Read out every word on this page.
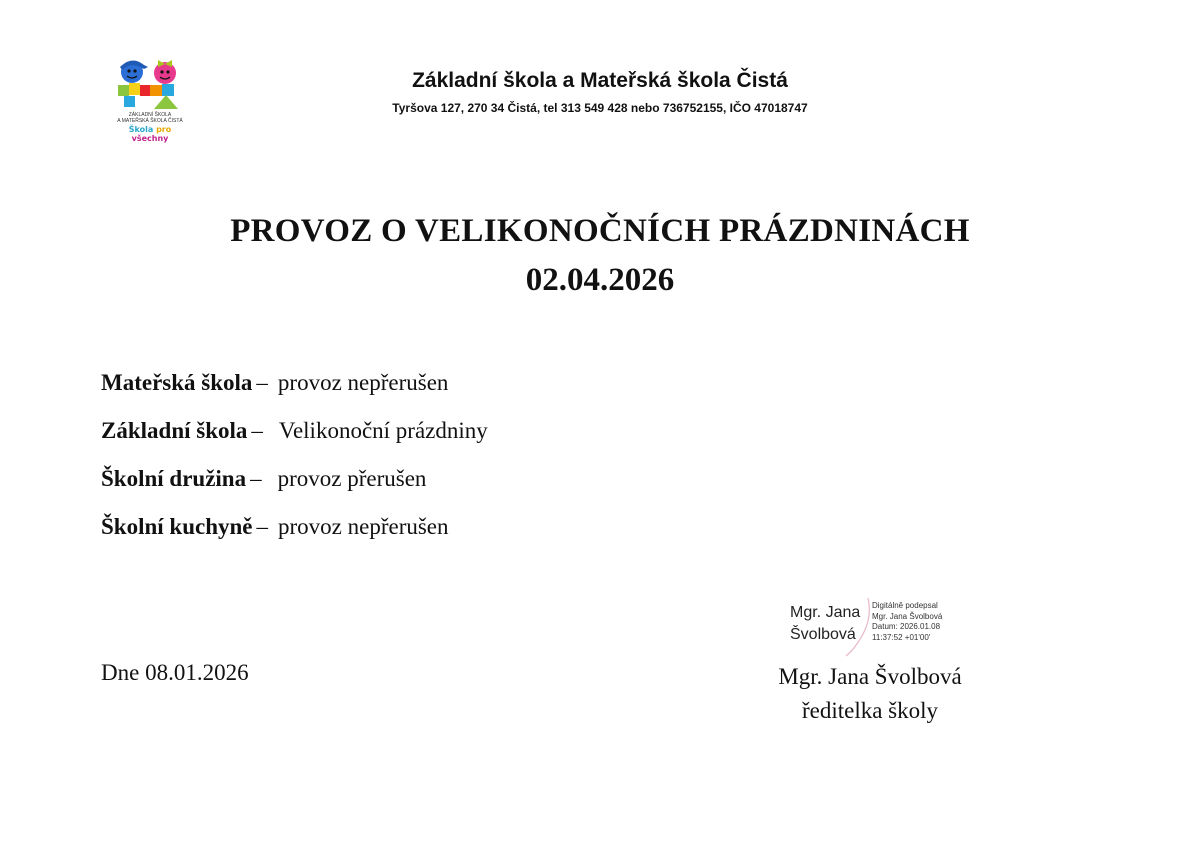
ZÁKLADNÍ ŠKOLA
A MATEŘSKÁ ŠKOLA ČISTÁ
Škola pro všechny
Základní škola a Mateřská škola Čistá
Tyršova 127, 270 34 Čistá, tel 313 549 428 nebo 736752155, IČO 47018747
PROVOZ O VELIKONOČNÍCH PRÁZDNINÁCH
02.04.2026
Mateřská škola – provoz nepřerušen
Základní škola – Velikonoční prázdniny
Školní družina – provoz přerušen
Školní kuchyně – provoz nepřerušen
Mgr. Jana
Švolbová
Digitálně podepsal
Mgr. Jana Švolbová
Datum: 2026.01.08
11:37:52 +01'00'
Dne 08.01.2026	Mgr. Jana Švolbová
ředitelka školy
